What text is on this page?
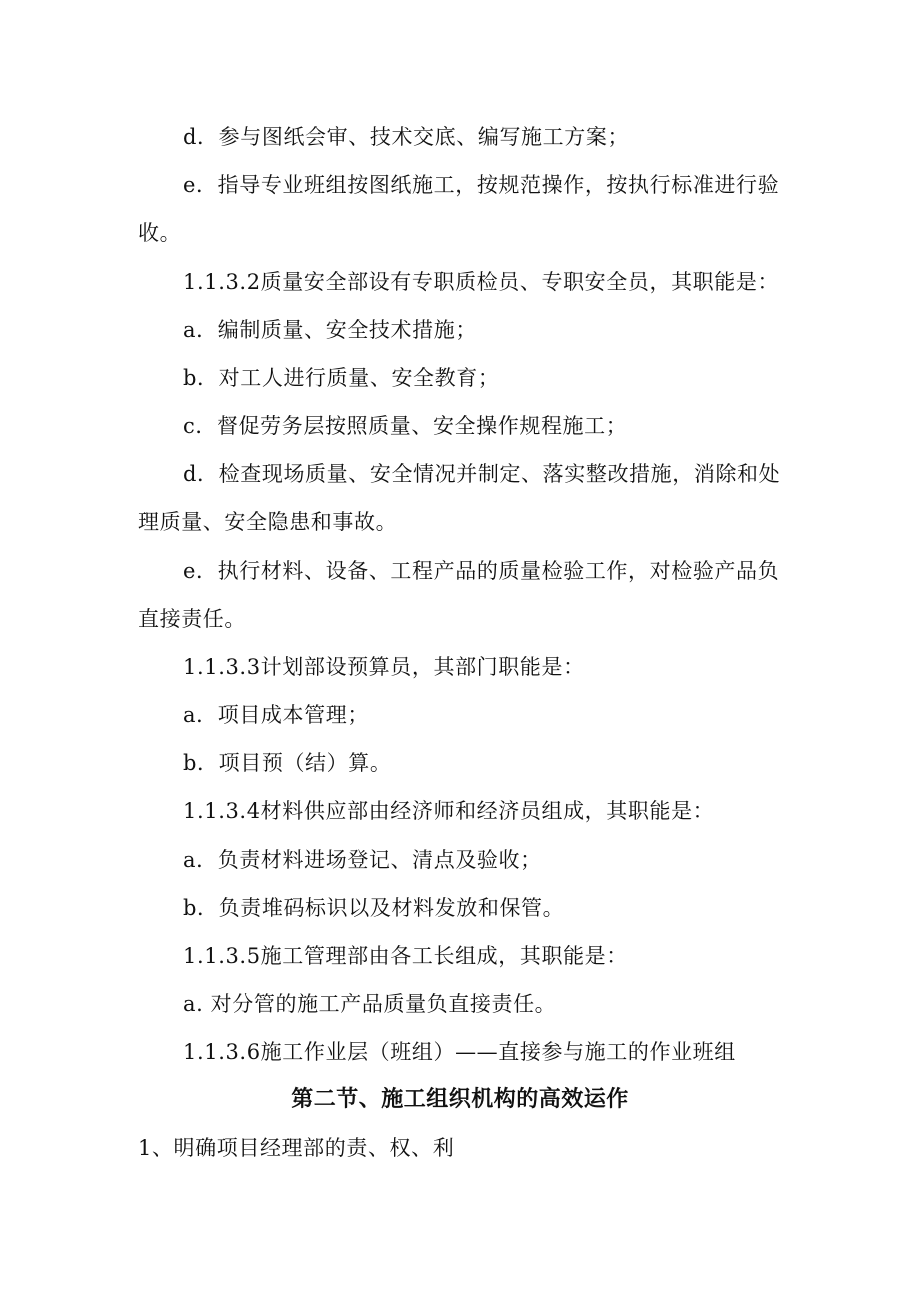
d．参与图纸会审、技术交底、编写施工方案；
e．指导专业班组按图纸施工，按规范操作，按执行标准进行验
收。
1.1.3.2质量安全部设有专职质检员、专职安全员，其职能是：
a．编制质量、安全技术措施；
b．对工人进行质量、安全教育；
c．督促劳务层按照质量、安全操作规程施工；
d．检查现场质量、安全情况并制定、落实整改措施，消除和处
理质量、安全隐患和事故。
e．执行材料、设备、工程产品的质量检验工作，对检验产品负
直接责任。
1.1.3.3计划部设预算员，其部门职能是：
a．项目成本管理；
b．项目预（结）算。
1.1.3.4材料供应部由经济师和经济员组成，其职能是：
a．负责材料进场登记、清点及验收；
b．负责堆码标识以及材料发放和保管。
1.1.3.5施工管理部由各工长组成，其职能是：
a. 对分管的施工产品质量负直接责任。
1.1.3.6施工作业层（班组）——直接参与施工的作业班组
第二节、施工组织机构的高效运作
1、明确项目经理部的责、权、利
